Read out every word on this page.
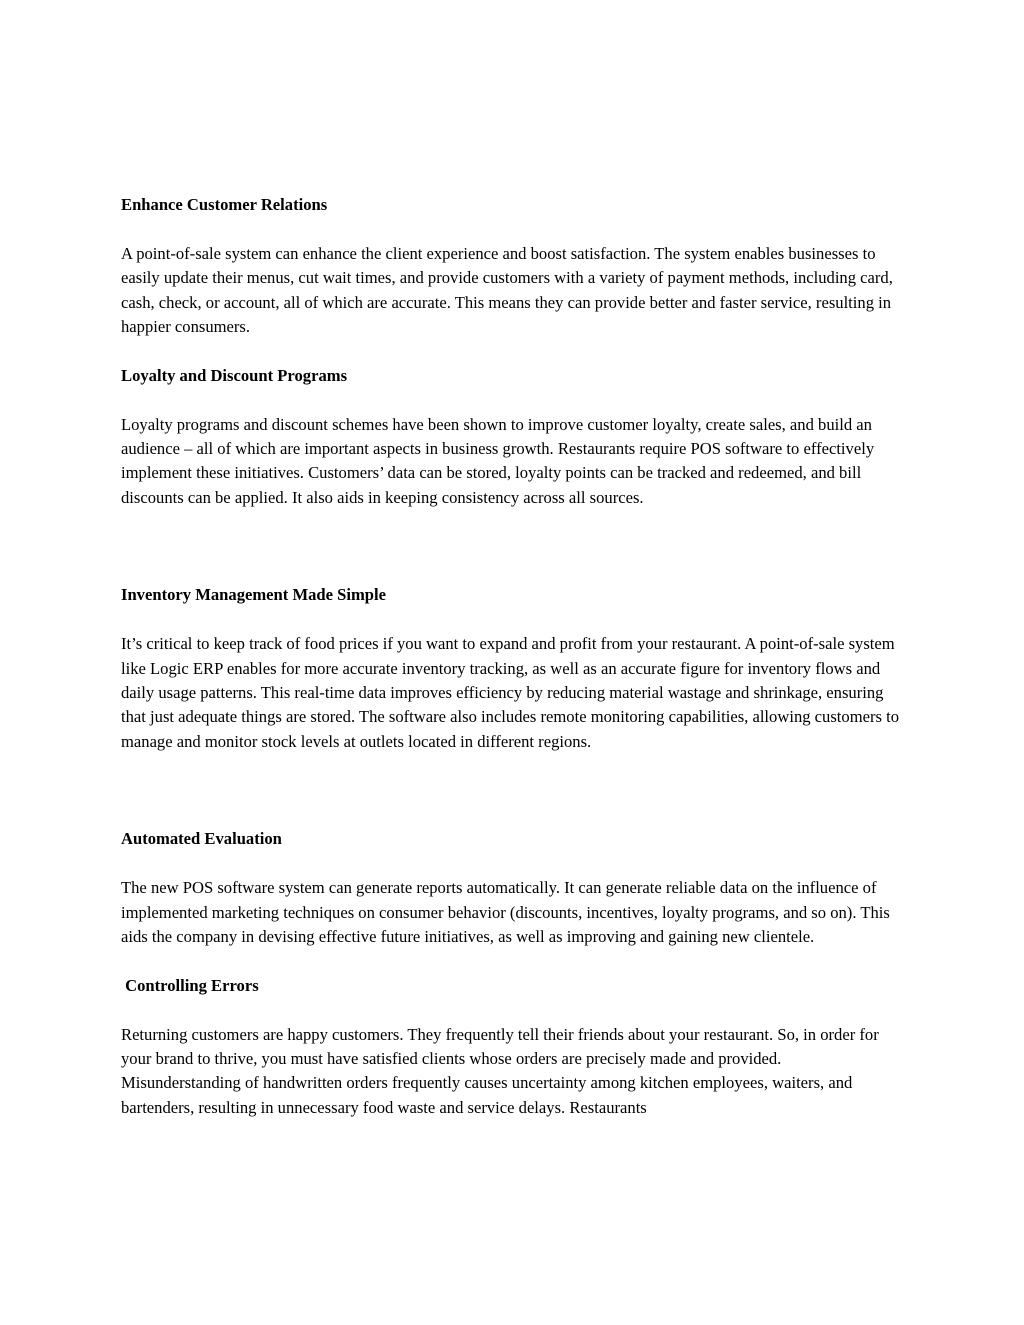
Enhance Customer Relations

A point-of-sale system can enhance the client experience and boost satisfaction. The system enables businesses to easily update their menus, cut wait times, and provide customers with a variety of payment methods, including card, cash, check, or account, all of which are accurate. This means they can provide better and faster service, resulting in happier consumers.

Loyalty and Discount Programs

Loyalty programs and discount schemes have been shown to improve customer loyalty, create sales, and build an audience – all of which are important aspects in business growth. Restaurants require POS software to effectively implement these initiatives. Customers’ data can be stored, loyalty points can be tracked and redeemed, and bill discounts can be applied. It also aids in keeping consistency across all sources.

Inventory Management Made Simple

It’s critical to keep track of food prices if you want to expand and profit from your restaurant. A point-of-sale system like Logic ERP enables for more accurate inventory tracking, as well as an accurate figure for inventory flows and daily usage patterns. This real-time data improves efficiency by reducing material wastage and shrinkage, ensuring that just adequate things are stored. The software also includes remote monitoring capabilities, allowing customers to manage and monitor stock levels at outlets located in different regions.

Automated Evaluation

The new POS software system can generate reports automatically. It can generate reliable data on the influence of implemented marketing techniques on consumer behavior (discounts, incentives, loyalty programs, and so on). This aids the company in devising effective future initiatives, as well as improving and gaining new clientele.

Controlling Errors

Returning customers are happy customers. They frequently tell their friends about your restaurant. So, in order for your brand to thrive, you must have satisfied clients whose orders are precisely made and provided. Misunderstanding of handwritten orders frequently causes uncertainty among kitchen employees, waiters, and bartenders, resulting in unnecessary food waste and service delays. Restaurants
